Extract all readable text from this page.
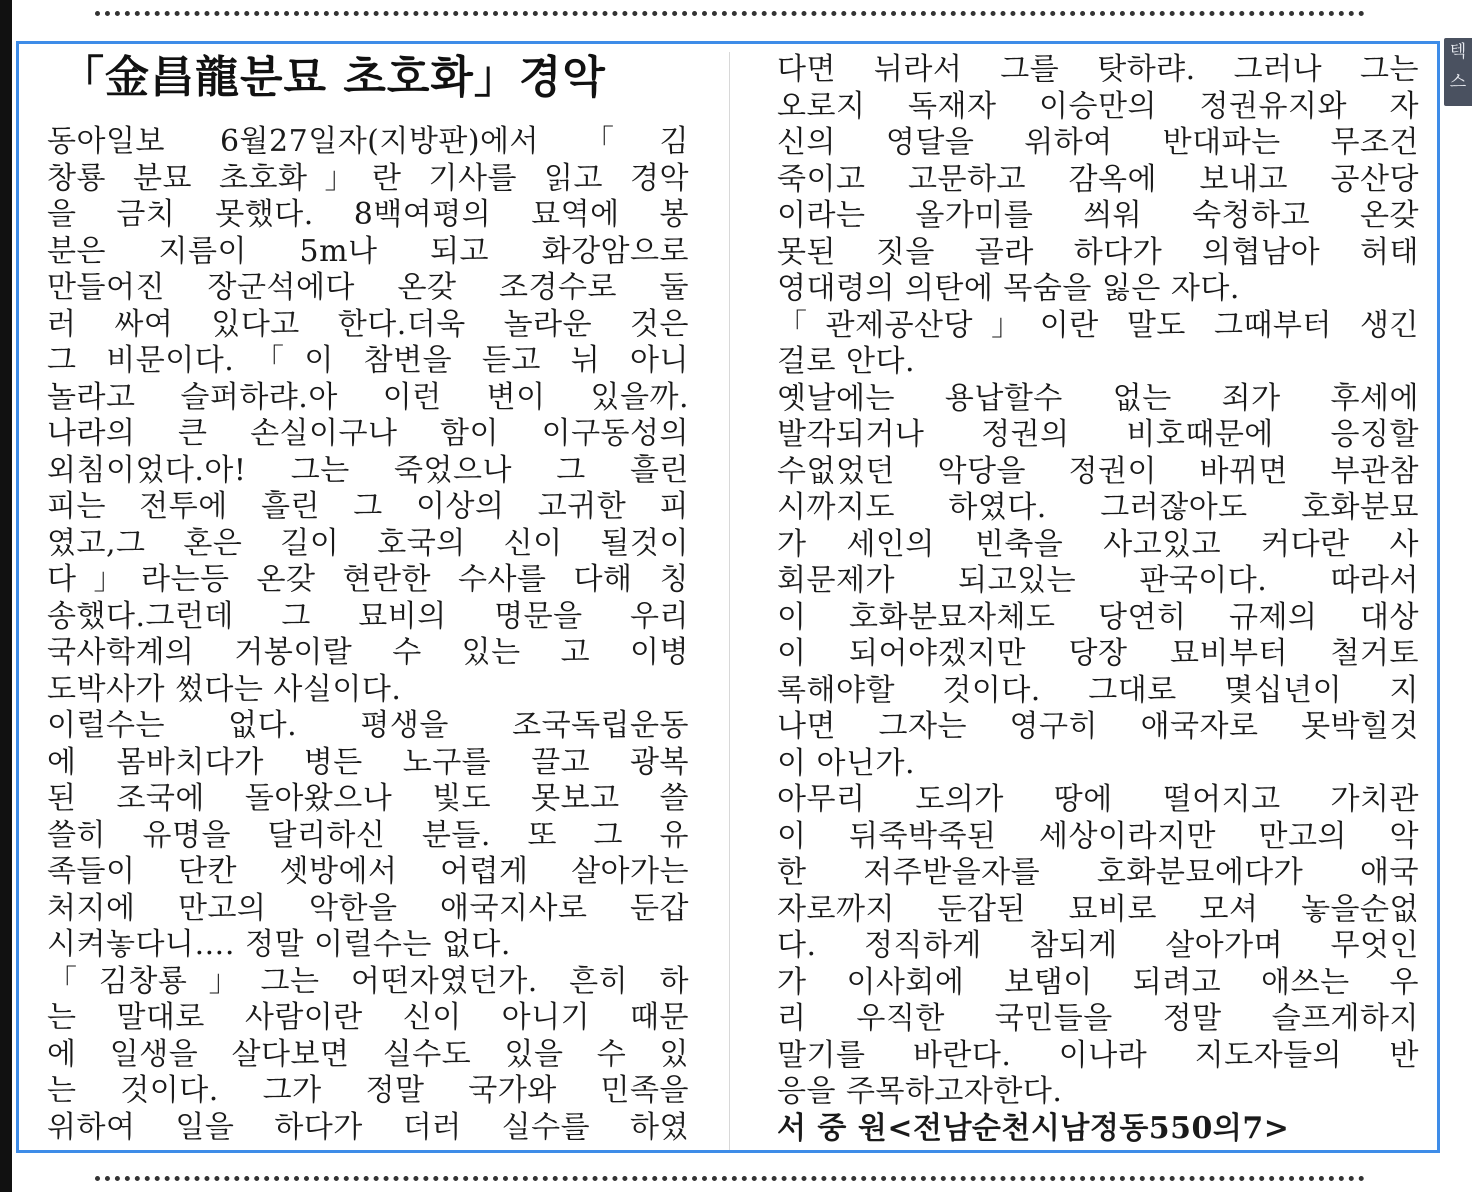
텍
스
「金昌龍분묘 초호화」경악
동아일보 6월27일자(지방판)에서「김
창룡 분묘 초호화」란 기사를 읽고 경악
을 금치 못했다. 8백여평의 묘역에 봉
분은 지름이 5m나 되고 화강암으로
만들어진 장군석에다 온갖 조경수로 둘
러 싸여 있다고 한다.더욱 놀라운 것은
그 비문이다.「이 참변을 듣고 뉘 아니
놀라고 슬퍼하랴.아 이런 변이 있을까.
나라의 큰 손실이구나 함이 이구동성의
외침이었다.아! 그는 죽었으나 그 흘린
피는 전투에 흘린 그 이상의 고귀한 피
였고,그 혼은 길이 호국의 신이 될것이
다」라는등 온갖 현란한 수사를 다해 칭
송했다.그런데 그 묘비의 명문을 우리
국사학계의 거봉이랄 수 있는 고 이병
도박사가 썼다는 사실이다.
이럴수는 없다. 평생을 조국독립운동
에 몸바치다가 병든 노구를 끌고 광복
된 조국에 돌아왔으나 빛도 못보고 쓸
쓸히 유명을 달리하신 분들. 또 그 유
족들이 단칸 셋방에서 어렵게 살아가는
처지에 만고의 악한을 애국지사로 둔갑
시켜놓다니…. 정말 이럴수는 없다.
「김창룡」그는 어떤자였던가. 흔히 하
는 말대로 사람이란 신이 아니기 때문
에 일생을 살다보면 실수도 있을 수 있
는 것이다. 그가 정말 국가와 민족을
위하여 일을 하다가 더러 실수를 하였
다면 뉘라서 그를 탓하랴. 그러나 그는
오로지 독재자 이승만의 정권유지와 자
신의 영달을 위하여 반대파는 무조건
죽이고 고문하고 감옥에 보내고 공산당
이라는 올가미를 씌워 숙청하고 온갖
못된 짓을 골라 하다가 의협남아 허태
영대령의 의탄에 목숨을 잃은 자다.
「관제공산당」이란 말도 그때부터 생긴
걸로 안다.
옛날에는 용납할수 없는 죄가 후세에
발각되거나 정권의 비호때문에 응징할
수없었던 악당을 정권이 바뀌면 부관참
시까지도 하였다. 그러잖아도 호화분묘
가 세인의 빈축을 사고있고 커다란 사
회문제가 되고있는 판국이다. 따라서
이 호화분묘자체도 당연히 규제의 대상
이 되어야겠지만 당장 묘비부터 철거토
록해야할 것이다. 그대로 몇십년이 지
나면 그자는 영구히 애국자로 못박힐것
이 아닌가.
아무리 도의가 땅에 떨어지고 가치관
이 뒤죽박죽된 세상이라지만 만고의 악
한 저주받을자를 호화분묘에다가 애국
자로까지 둔갑된 묘비로 모셔 놓을순없
다. 정직하게 참되게 살아가며 무엇인
가 이사회에 보탬이 되려고 애쓰는 우
리 우직한 국민들을 정말 슬프게하지
말기를 바란다. 이나라 지도자들의 반
응을 주목하고자한다.
서 중 원<전남순천시남정동550의7>
